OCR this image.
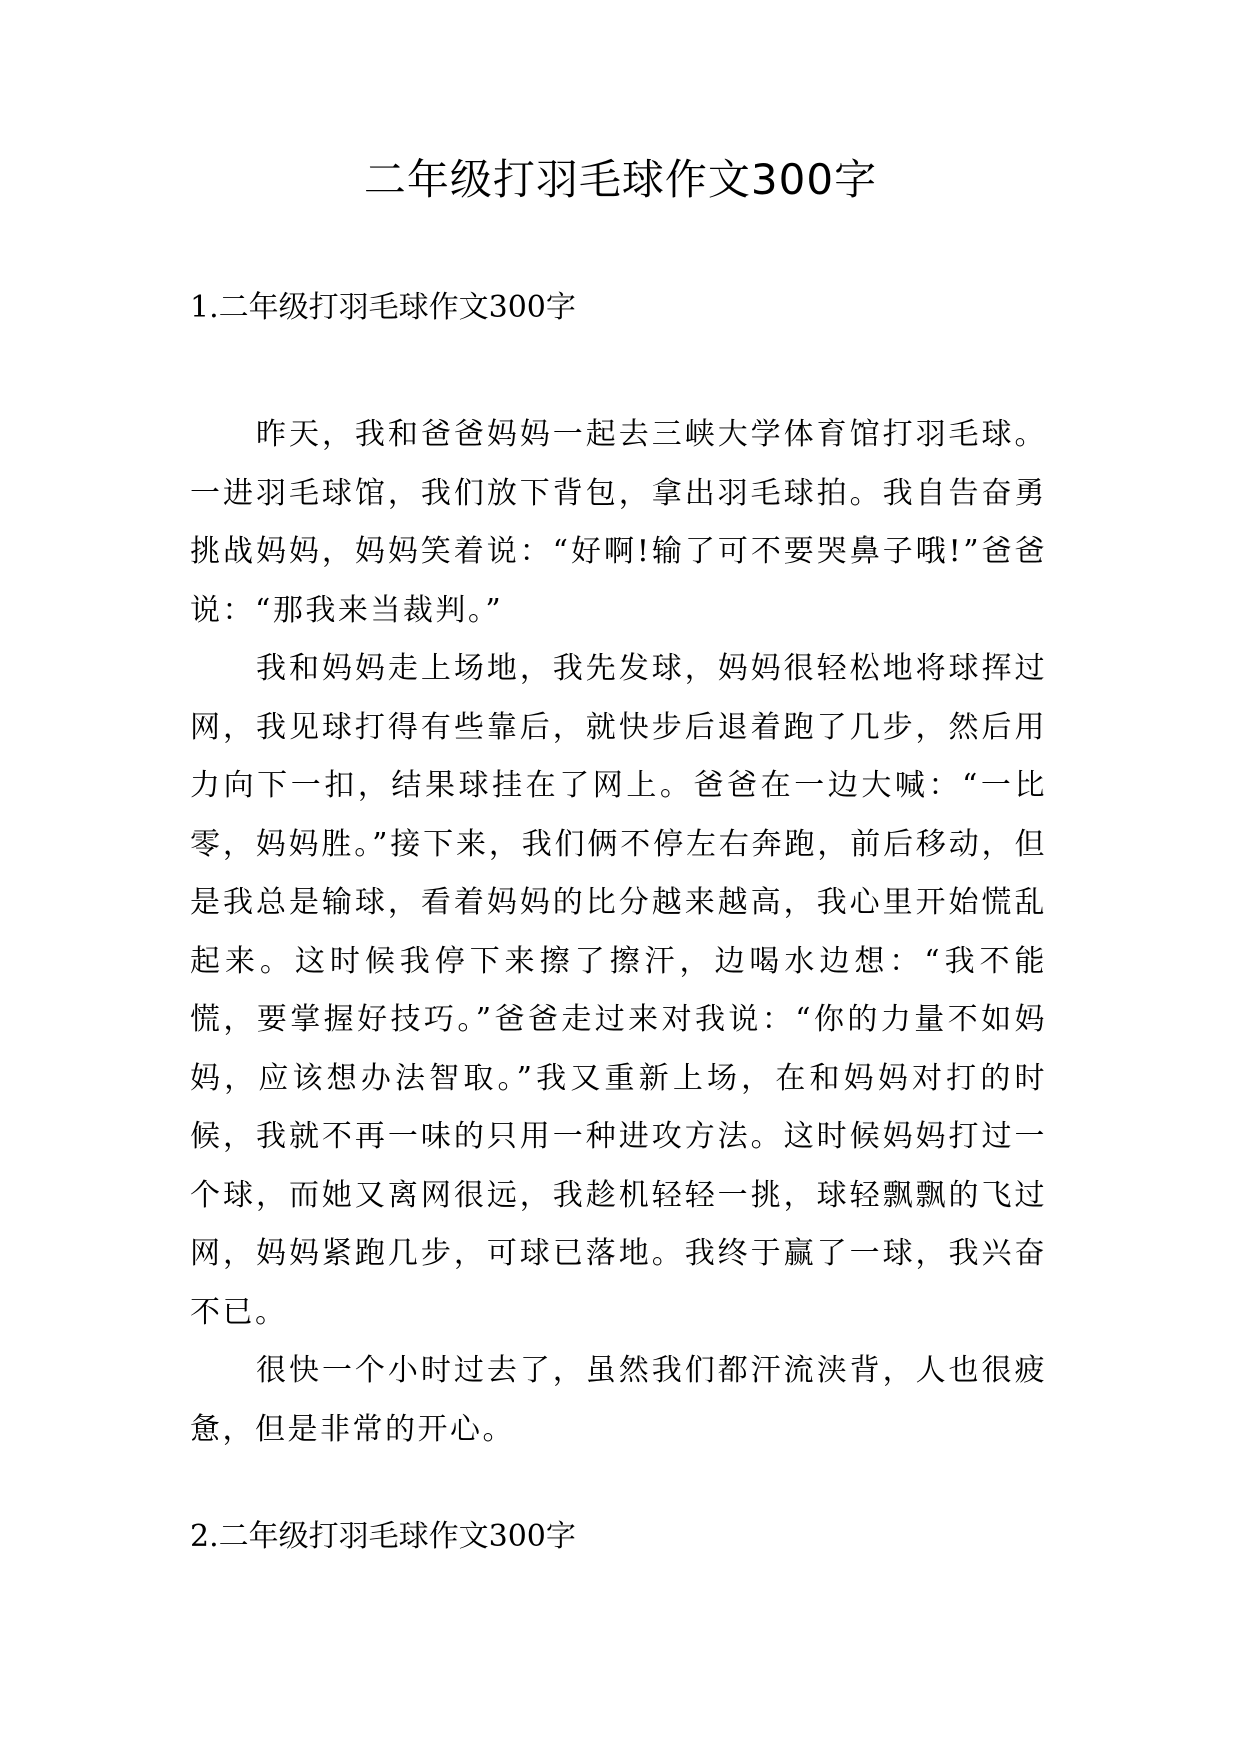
二年级打羽毛球作文300字
1.二年级打羽毛球作文300字

昨天，我和爸爸妈妈一起去三峡大学体育馆打羽毛球。一进羽毛球馆，我们放下背包，拿出羽毛球拍。我自告奋勇挑战妈妈，妈妈笑着说：“好啊!输了可不要哭鼻子哦!”爸爸说：“那我来当裁判。”

我和妈妈走上场地，我先发球，妈妈很轻松地将球挥过网，我见球打得有些靠后，就快步后退着跑了几步，然后用力向下一扣，结果球挂在了网上。爸爸在一边大喊：“一比零，妈妈胜。”接下来，我们俩不停左右奔跑，前后移动，但是我总是输球，看着妈妈的比分越来越高，我心里开始慌乱起来。这时候我停下来擦了擦汗，边喝水边想：“我不能慌，要掌握好技巧。”爸爸走过来对我说：“你的力量不如妈妈，应该想办法智取。”我又重新上场，在和妈妈对打的时候，我就不再一味的只用一种进攻方法。这时候妈妈打过一个球，而她又离网很远，我趁机轻轻一挑，球轻飘飘的飞过网，妈妈紧跑几步，可球已落地。我终于赢了一球，我兴奋不已。

很快一个小时过去了，虽然我们都汗流浃背，人也很疲惫，但是非常的开心。

2.二年级打羽毛球作文300字
